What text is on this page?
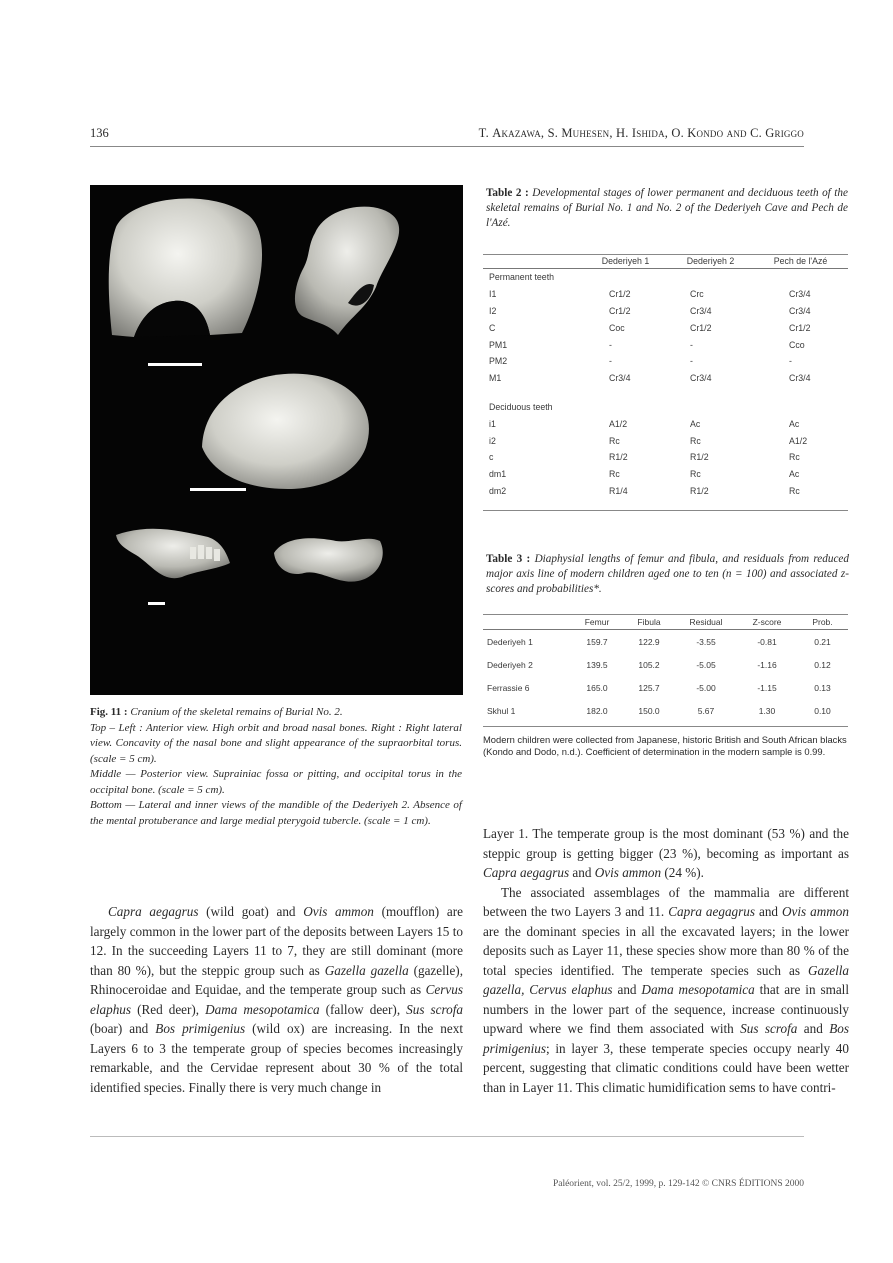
136	T. Akazawa, S. Muhesen, H. Ishida, O. Kondo and C. Griggo

Fig. 11 : Cranium of the skeletal remains of Burial No. 2.

Top – Left : Anterior view. High orbit and broad nasal bones. Right : Right lateral view. Concavity of the nasal bone and slight appearance of the supraorbital torus. (scale = 5 cm).

Middle — Posterior view. Suprainiac fossa or pitting, and occipital torus in the occipital bone. (scale = 5 cm).

Bottom — Lateral and inner views of the mandible of the Dederiyeh 2. Absence of the mental protuberance and large medial pterygoid tubercle. (scale = 1 cm).

Table 2 : Developmental stages of lower permanent and deciduous teeth of the skeletal remains of Burial No. 1 and No. 2 of the Dederiyeh Cave and Pech de l'Azé.
	Dederiyeh 1	Dederiyeh 2	Pech de l'Azé
Permanent teeth			
I1	Cr1/2	Crc	Cr3/4
I2	Cr1/2	Cr3/4	Cr3/4
C	Coc	Cr1/2	Cr1/2
PM1	-	-	Cco
PM2	-	-	-
M1	Cr3/4	Cr3/4	Cr3/4

Deciduous teeth			
i1	A1/2	Ac	Ac
i2	Rc	Rc	A1/2
c	R1/2	R1/2	Rc
dm1	Rc	Rc	Ac
dm2	R1/4	R1/2	Rc
Table 3 : Diaphysial lengths of femur and fibula, and residuals from reduced major axis line of modern children aged one to ten (n = 100) and associated z-scores and probabilities*.
	Femur	Fibula	Residual	Z-score	Prob.
Dederiyeh 1	159.7	122.9	-3.55	-0.81	0.21
Dederiyeh 2	139.5	105.2	-5.05	-1.16	0.12
Ferrassie 6	165.0	125.7	-5.00	-1.15	0.13
Skhul 1	182.0	150.0	5.67	1.30	0.10
Modern children were collected from Japanese, historic British and South African blacks (Kondo and Dodo, n.d.). Coefficient of determination in the modern sample is 0.99.

Capra aegagrus (wild goat) and Ovis ammon (moufflon) are largely common in the lower part of the deposits between Layers 15 to 12. In the succeeding Layers 11 to 7, they are still dominant (more than 80 %), but the steppic group such as Gazella gazella (gazelle), Rhinoceroidae and Equidae, and the temperate group such as Cervus elaphus (Red deer), Dama mesopotamica (fallow deer), Sus scrofa (boar) and Bos primigenius (wild ox) are increasing. In the next Layers 6 to 3 the temperate group of species becomes increasingly remarkable, and the Cervidae represent about 30 % of the total identified species. Finally there is very much change in

Layer 1. The temperate group is the most dominant (53 %) and the steppic group is getting bigger (23 %), becoming as important as Capra aegagrus and Ovis ammon (24 %).

The associated assemblages of the mammalia are different between the two Layers 3 and 11. Capra aegagrus and Ovis ammon are the dominant species in all the excavated layers; in the lower deposits such as Layer 11, these species show more than 80 % of the total species identified. The temperate species such as Gazella gazella, Cervus elaphus and Dama mesopotamica that are in small numbers in the lower part of the sequence, increase continuously upward where we find them associated with Sus scrofa and Bos primigenius; in layer 3, these temperate species occupy nearly 40 percent, suggesting that climatic conditions could have been wetter than in Layer 11. This climatic humidification sems to have contri-

Paléorient, vol. 25/2, 1999, p. 129-142 © CNRS ÉDITIONS 2000
